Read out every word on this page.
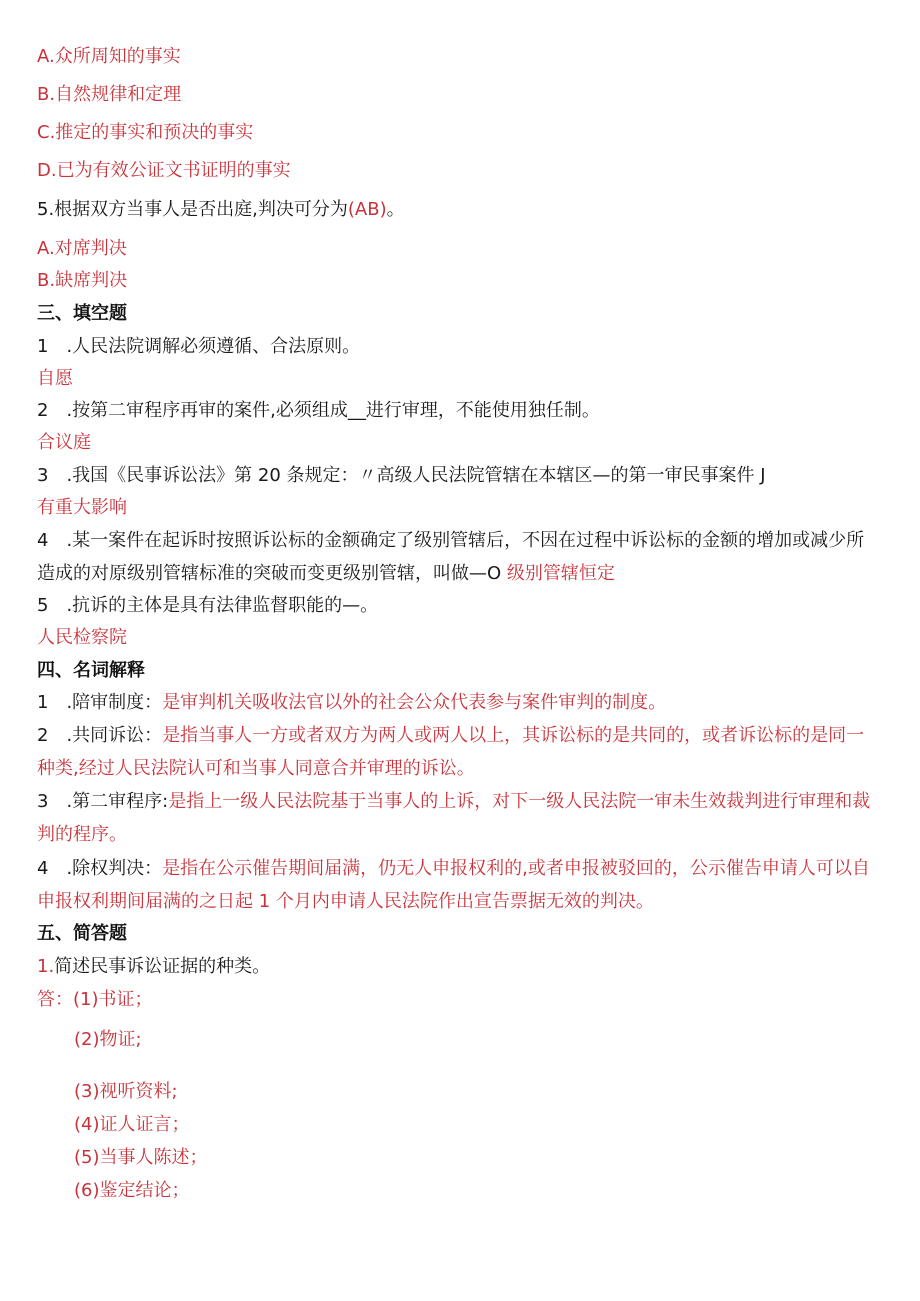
A.众所周知的事实
B.自然规律和定理
C.推定的事实和预决的事实
D.已为有效公证文书证明的事实
5.根据双方当事人是否出庭,判决可分为(AB)。
A.对席判决
B.缺席判决
三、填空题
1　.人民法院调解必须遵循、合法原则。
自愿
2　.按第二审程序再审的案件,必须组成__进行审理，不能使用独任制。
合议庭
3　.我国《民事诉讼法》第 20 条规定：〃高级人民法院管辖在本辖区—的第一审民事案件 J
有重大影响
4　.某一案件在起诉时按照诉讼标的金额确定了级别管辖后，不因在过程中诉讼标的金额的增加或减少所
造成的对原级别管辖标准的突破而变更级别管辖，叫做—O 级别管辖恒定
5　.抗诉的主体是具有法律监督职能的—。
人民检察院
四、名词解释
1　.陪审制度：是审判机关吸收法官以外的社会公众代表参与案件审判的制度。
2　.共同诉讼：是指当事人一方或者双方为两人或两人以上，其诉讼标的是共同的，或者诉讼标的是同一种类,经过人民法院认可和当事人同意合并审理的诉讼。
3　.第二审程序:是指上一级人民法院基于当事人的上诉，对下一级人民法院一审未生效裁判进行审理和裁判的程序。
4　.除权判决：是指在公示催告期间届满，仍无人申报权利的,或者申报被驳回的，公示催告申请人可以自申报权利期间届满的之日起 1 个月内申请人民法院作出宣告票据无效的判决。
五、简答题
1.简述民事诉讼证据的种类。
答：(1)书证；
(2)物证;
(3)视听资料;
(4)证人证言；
(5)当事人陈述；
(6)鉴定结论；
